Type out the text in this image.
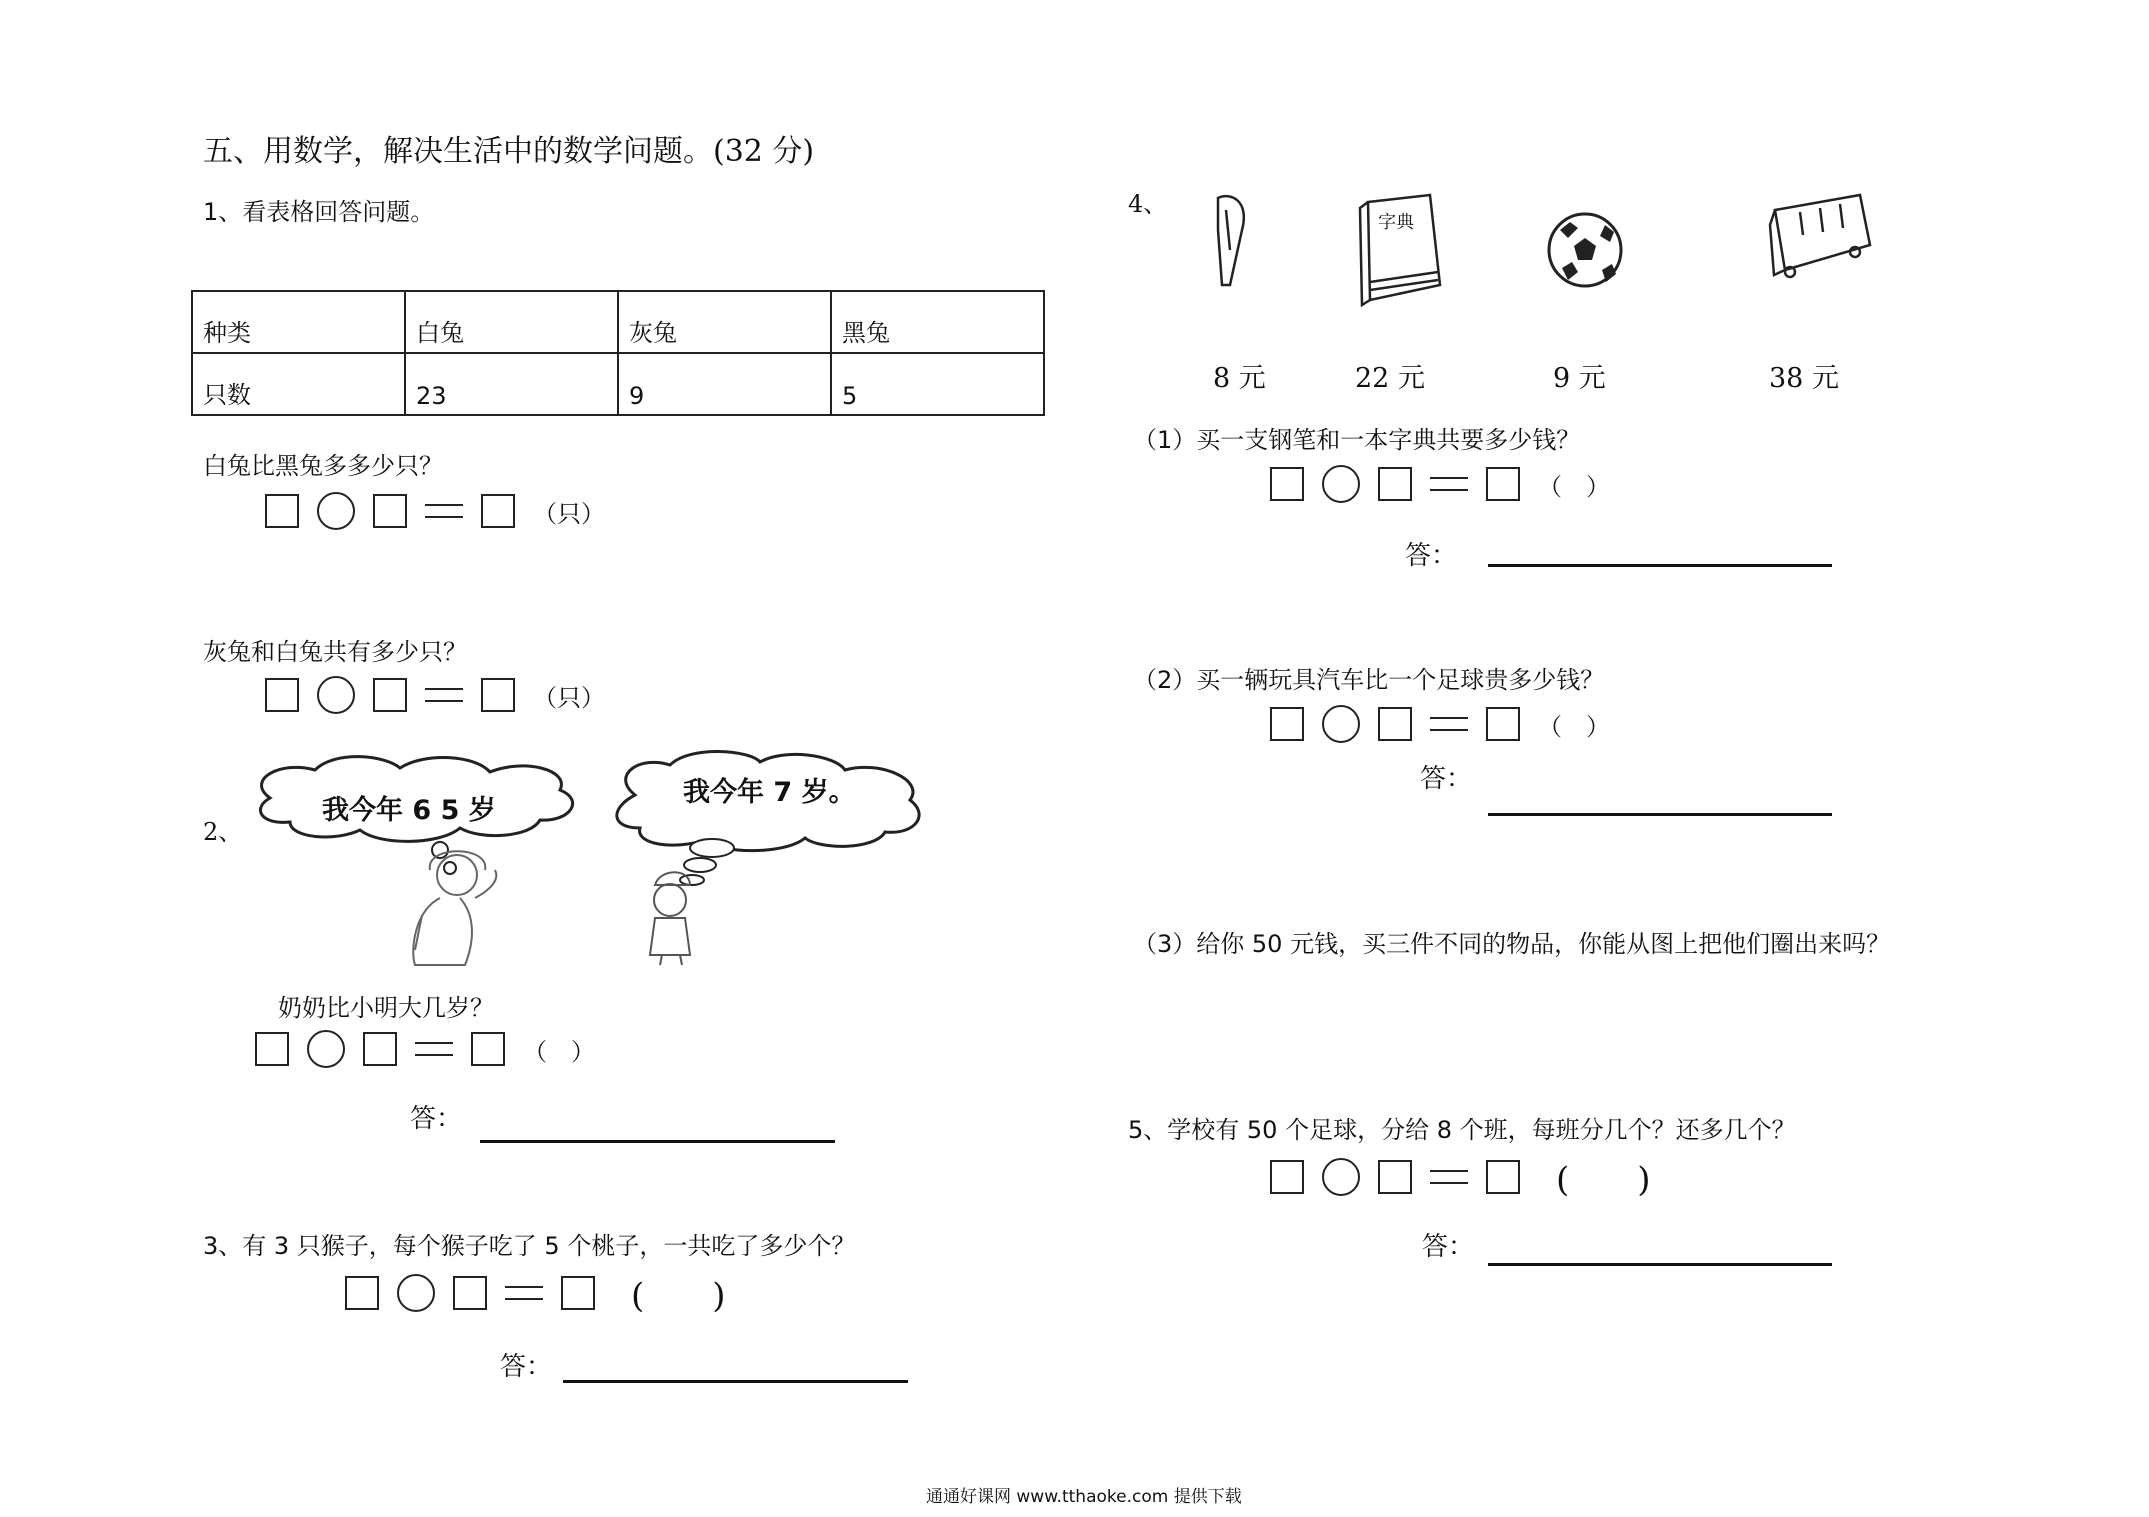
五、用数学，解决生活中的数学问题。(32 分)
1、看表格回答问题。
种类	白兔	灰兔	黑兔
只数	23	9	5
白兔比黑兔多多少只？
（只）
灰兔和白兔共有多少只？
（只）
2、
我今年 6 5 岁
我今年 7 岁。
奶奶比小明大几岁？
（　）
答：
3、有 3 只猴子，每个猴子吃了 5 个桃子，一共吃了多少个？
(　　)
答：
4、
字典
8 元	22 元	9 元	38 元
（1）买一支钢笔和一本字典共要多少钱？
（　）
答：
（2）买一辆玩具汽车比一个足球贵多少钱？
（　）
答：
（3）给你 50 元钱，买三件不同的物品，你能从图上把他们圈出来吗？
5、学校有 50 个足球，分给 8 个班，每班分几个？还多几个？
(　　)
答：
通通好课网 www.tthaoke.com 提供下载
